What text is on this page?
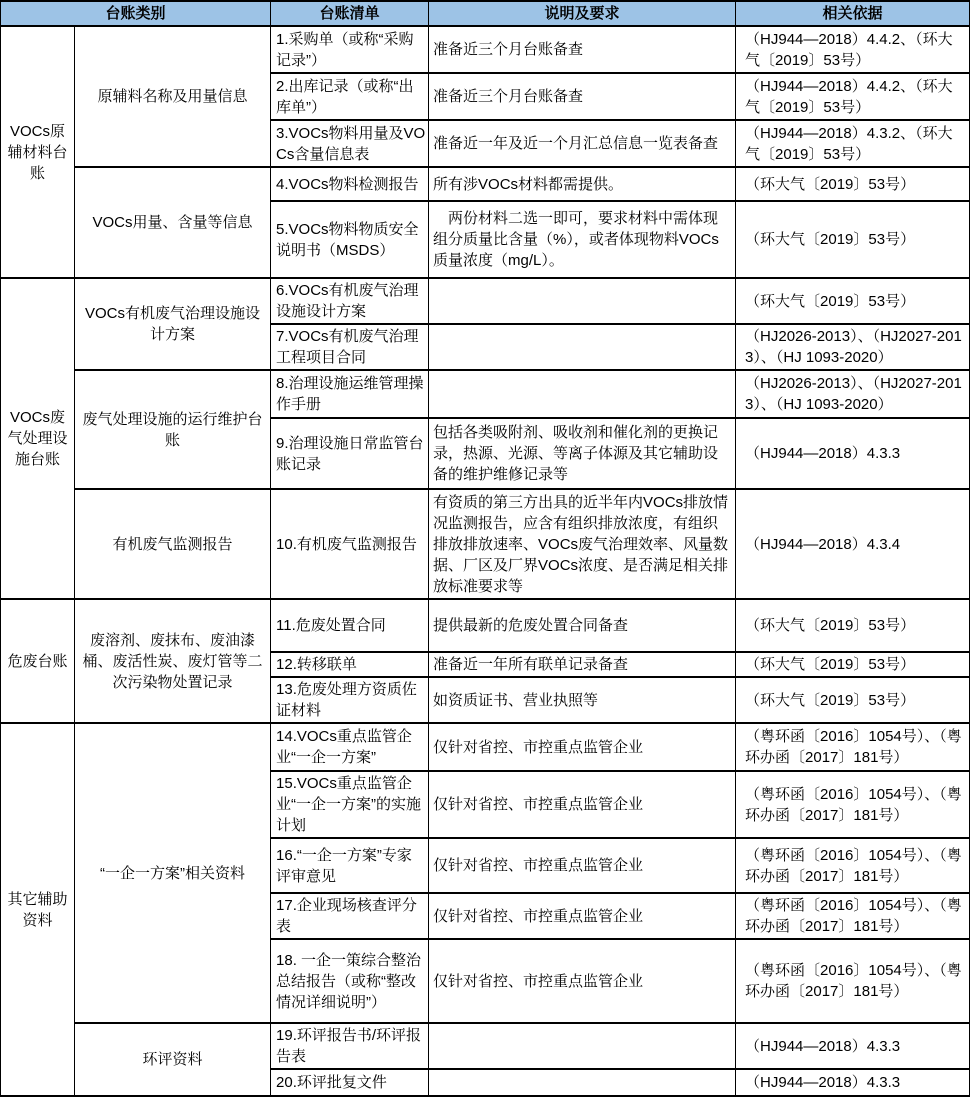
台账类别		台账清单	说明及要求	相关依据
VOCs原辅材料台账	原辅料名称及用量信息	1.采购单（或称“采购记录”）	准备近三个月台账备查	（HJ944—2018）4.4.2、（环大气〔2019〕53号）
		2.出库记录（或称“出库单”）	准备近三个月台账备查	（HJ944—2018）4.4.2、（环大气〔2019〕53号）
		3.VOCs物料用量及VOCs含量信息表	准备近一年及近一个月汇总信息一览表备查	（HJ944—2018）4.3.2、（环大气〔2019〕53号）
	VOCs用量、含量等信息	4.VOCs物料检测报告	所有涉VOCs材料都需提供。	（环大气〔2019〕53号）
		5.VOCs物料物质安全说明书（MSDS）	　两份材料二选一即可，要求材料中需体现组分质量比含量（%），或者体现物料VOCs质量浓度（mg/L）。	（环大气〔2019〕53号）
VOCs废气处理设施台账	VOCs有机废气治理设施设计方案	6.VOCs有机废气治理设施设计方案		（环大气〔2019〕53号）
		7.VOCs有机废气治理工程项目合同		（HJ2026-2013）、（HJ2027-2013）、（HJ 1093-2020）
	废气处理设施的运行维护台账	8.治理设施运维管理操作手册		（HJ2026-2013）、（HJ2027-2013）、（HJ 1093-2020）
		9.治理设施日常监管台账记录	包括各类吸附剂、吸收剂和催化剂的更换记录，热源、光源、等离子体源及其它辅助设备的维护维修记录等	（HJ944—2018）4.3.3
	有机废气监测报告	10.有机废气监测报告	有资质的第三方出具的近半年内VOCs排放情况监测报告，应含有组织排放浓度，有组织排放排放速率、VOCs废气治理效率、风量数据、厂区及厂界VOCs浓度、是否满足相关排放标准要求等	（HJ944—2018）4.3.4
危废台账	废溶剂、废抹布、废油漆桶、废活性炭、废灯管等二次污染物处置记录	11.危废处置合同	提供最新的危废处置合同备查	（环大气〔2019〕53号）
		12.转移联单	准备近一年所有联单记录备查	（环大气〔2019〕53号）
		13.危废处理方资质佐证材料	如资质证书、营业执照等	（环大气〔2019〕53号）
其它辅助资料	“一企一方案”相关资料	14.VOCs重点监管企业“一企一方案”	仅针对省控、市控重点监管企业	（粤环函〔2016〕1054号）、（粤环办函〔2017〕181号）
		15.VOCs重点监管企业“一企一方案”的实施计划	仅针对省控、市控重点监管企业	（粤环函〔2016〕1054号）、（粤环办函〔2017〕181号）
		16.“一企一方案”专家评审意见	仅针对省控、市控重点监管企业	（粤环函〔2016〕1054号）、（粤环办函〔2017〕181号）
		17.企业现场核查评分表	仅针对省控、市控重点监管企业	（粤环函〔2016〕1054号）、（粤环办函〔2017〕181号）
		18. 一企一策综合整治总结报告（或称“整改情况详细说明”）	仅针对省控、市控重点监管企业	（粤环函〔2016〕1054号）、（粤环办函〔2017〕181号）
	环评资料	19.环评报告书/环评报告表		（HJ944—2018）4.3.3
		20.环评批复文件		（HJ944—2018）4.3.3
